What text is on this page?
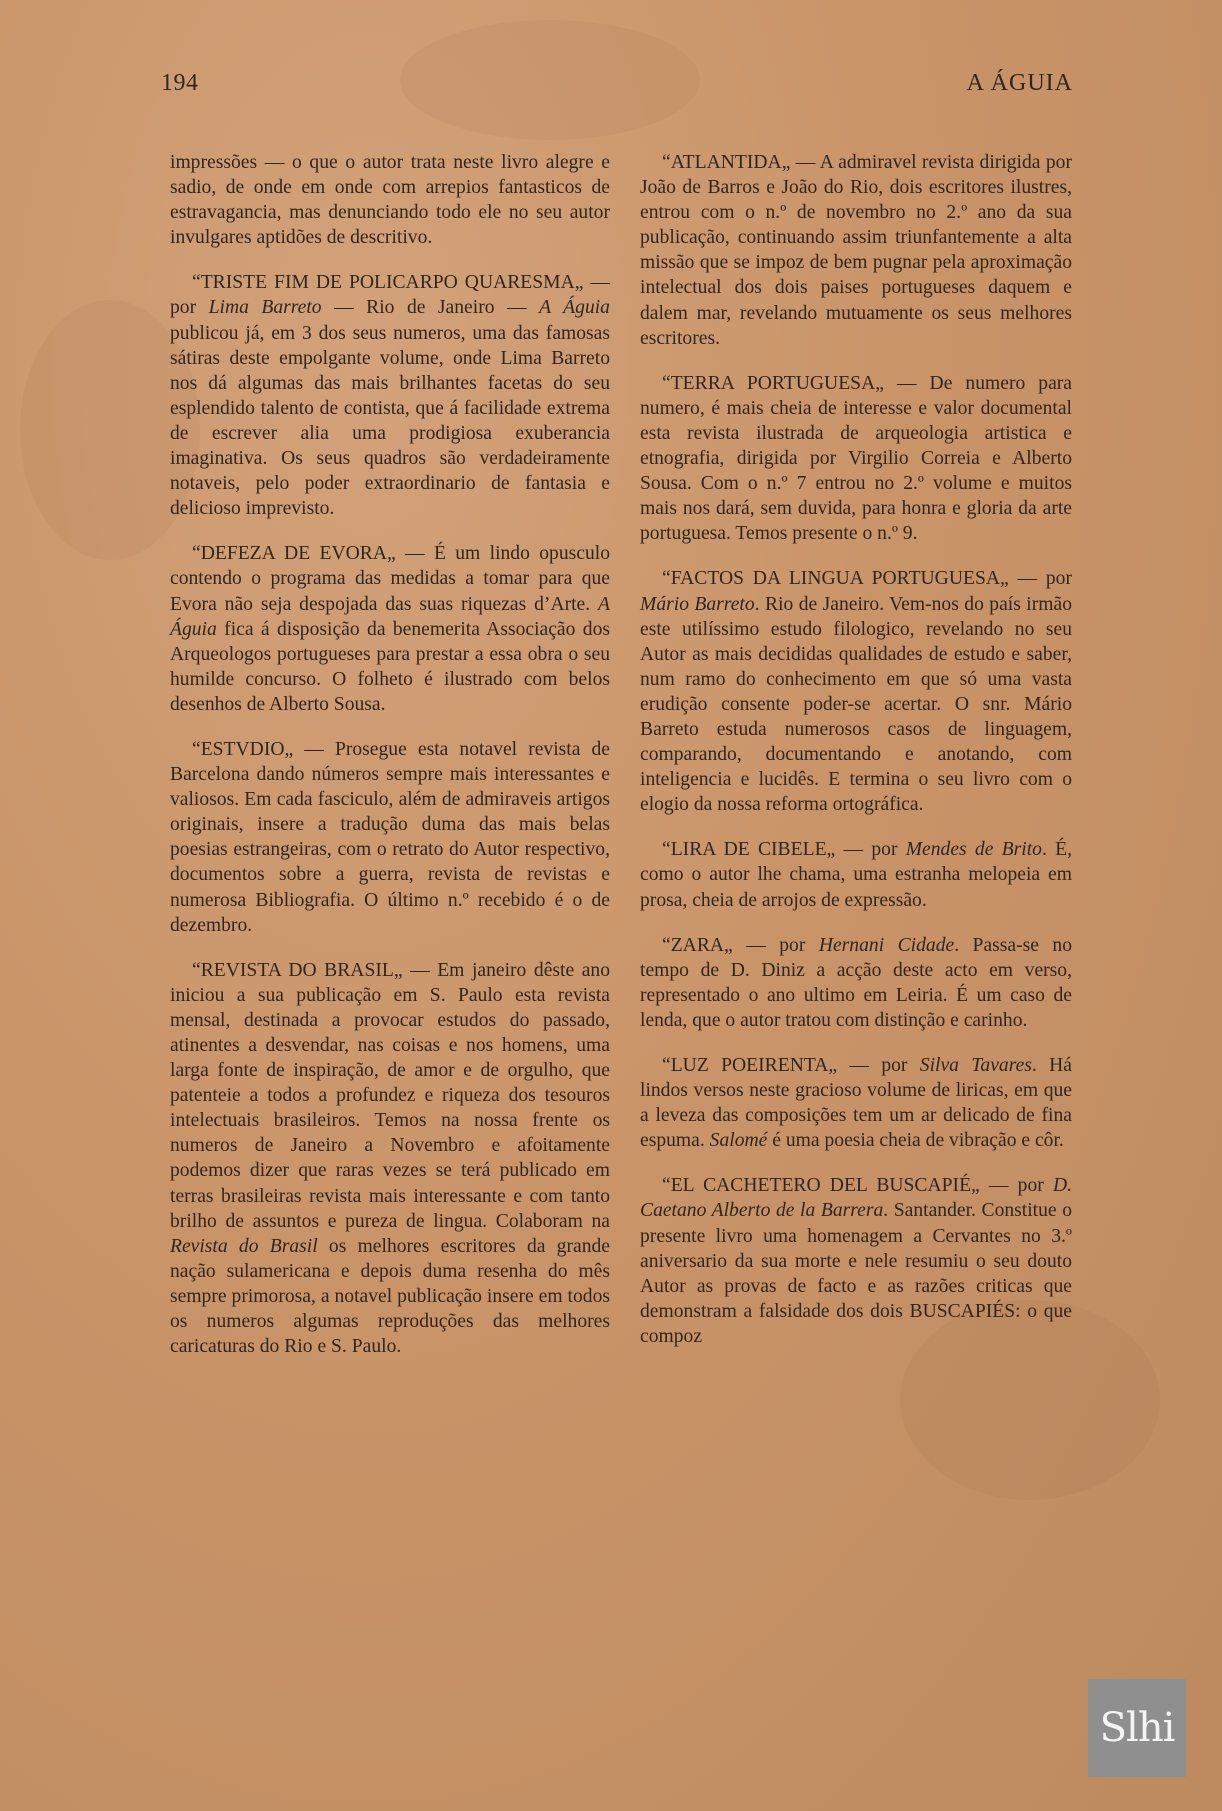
194	A ÁGUIA

impressões — o que o autor trata neste livro alegre e sadio, de onde em onde com arrepios fantasticos de estravagancia, mas denunciando todo ele no seu autor invulgares aptidões de descritivo.

“TRISTE FIM DE POLICARPO QUARESMA„ — por Lima Barreto — Rio de Janeiro — A Águia publicou já, em 3 dos seus numeros, uma das famosas sátiras deste empolgante volume, onde Lima Barreto nos dá algumas das mais brilhantes facetas do seu esplendido talento de contista, que á facilidade extrema de escrever alia uma prodigiosa exuberancia imaginativa. Os seus quadros são verdadeiramente notaveis, pelo poder extraordinario de fantasia e delicioso imprevisto.

“DEFEZA DE EVORA„ — É um lindo opusculo contendo o programa das medidas a tomar para que Evora não seja despojada das suas riquezas d’Arte. A Águia fica á disposição da benemerita Associação dos Arqueologos portugueses para prestar a essa obra o seu humilde concurso. O folheto é ilustrado com belos desenhos de Alberto Sousa.

“ESTVDIO„ — Prosegue esta notavel revista de Barcelona dando números sempre mais interessantes e valiosos. Em cada fasciculo, além de admiraveis artigos originais, insere a tradução duma das mais belas poesias estrangeiras, com o retrato do Autor respectivo, documentos sobre a guerra, revista de revistas e numerosa Bibliografia. O último n.º recebido é o de dezembro.

“REVISTA DO BRASIL„ — Em janeiro dêste ano iniciou a sua publicação em S. Paulo esta revista mensal, destinada a provocar estudos do passado, atinentes a desvendar, nas coisas e nos homens, uma larga fonte de inspiração, de amor e de orgulho, que patenteie a todos a profundez e riqueza dos tesouros intelectuais brasileiros. Temos na nossa frente os numeros de Janeiro a Novembro e afoitamente podemos dizer que raras vezes se terá publicado em terras brasileiras revista mais interessante e com tanto brilho de assuntos e pureza de lingua. Colaboram na Revista do Brasil os melhores escritores da grande nação sulamericana e depois duma resenha do mês sempre primorosa, a notavel publicação insere em todos os numeros algumas reproduções das melhores caricaturas do Rio e S. Paulo.

“ATLANTIDA„ — A admiravel revista dirigida por João de Barros e João do Rio, dois escritores ilustres, entrou com o n.º de novembro no 2.º ano da sua publicação, continuando assim triunfantemente a alta missão que se impoz de bem pugnar pela aproximação intelectual dos dois paises portugueses daquem e dalem mar, revelando mutuamente os seus melhores escritores.

“TERRA PORTUGUESA„ — De numero para numero, é mais cheia de interesse e valor documental esta revista ilustrada de arqueologia artistica e etnografia, dirigida por Virgilio Correia e Alberto Sousa. Com o n.º 7 entrou no 2.º volume e muitos mais nos dará, sem duvida, para honra e gloria da arte portuguesa. Temos presente o n.º 9.

“FACTOS DA LINGUA PORTUGUESA„ — por Mário Barreto. Rio de Janeiro. Vem-nos do país irmão este utilíssimo estudo filologico, revelando no seu Autor as mais decididas qualidades de estudo e saber, num ramo do conhecimento em que só uma vasta erudição consente poder-se acertar. O snr. Mário Barreto estuda numerosos casos de linguagem, comparando, documentando e anotando, com inteligencia e lucidês. E termina o seu livro com o elogio da nossa reforma ortográfica.

“LIRA DE CIBELE„ — por Mendes de Brito. É, como o autor lhe chama, uma estranha melopeia em prosa, cheia de arrojos de expressão.

“ZARA„ — por Hernani Cidade. Passa-se no tempo de D. Diniz a acção deste acto em verso, representado o ano ultimo em Leiria. É um caso de lenda, que o autor tratou com distinção e carinho.

“LUZ POEIRENTA„ — por Silva Tavares. Há lindos versos neste gracioso volume de liricas, em que a leveza das composições tem um ar delicado de fina espuma. Salomé é uma poesia cheia de vibração e côr.

“EL CACHETERO DEL BUSCAPIÉ„ — por D. Caetano Alberto de la Barrera. Santander. Constitue o presente livro uma homenagem a Cervantes no 3.º aniversario da sua morte e nele resumiu o seu douto Autor as provas de facto e as razões criticas que demonstram a falsidade dos dois BUSCAPIÉS: o que compoz

Slhi
